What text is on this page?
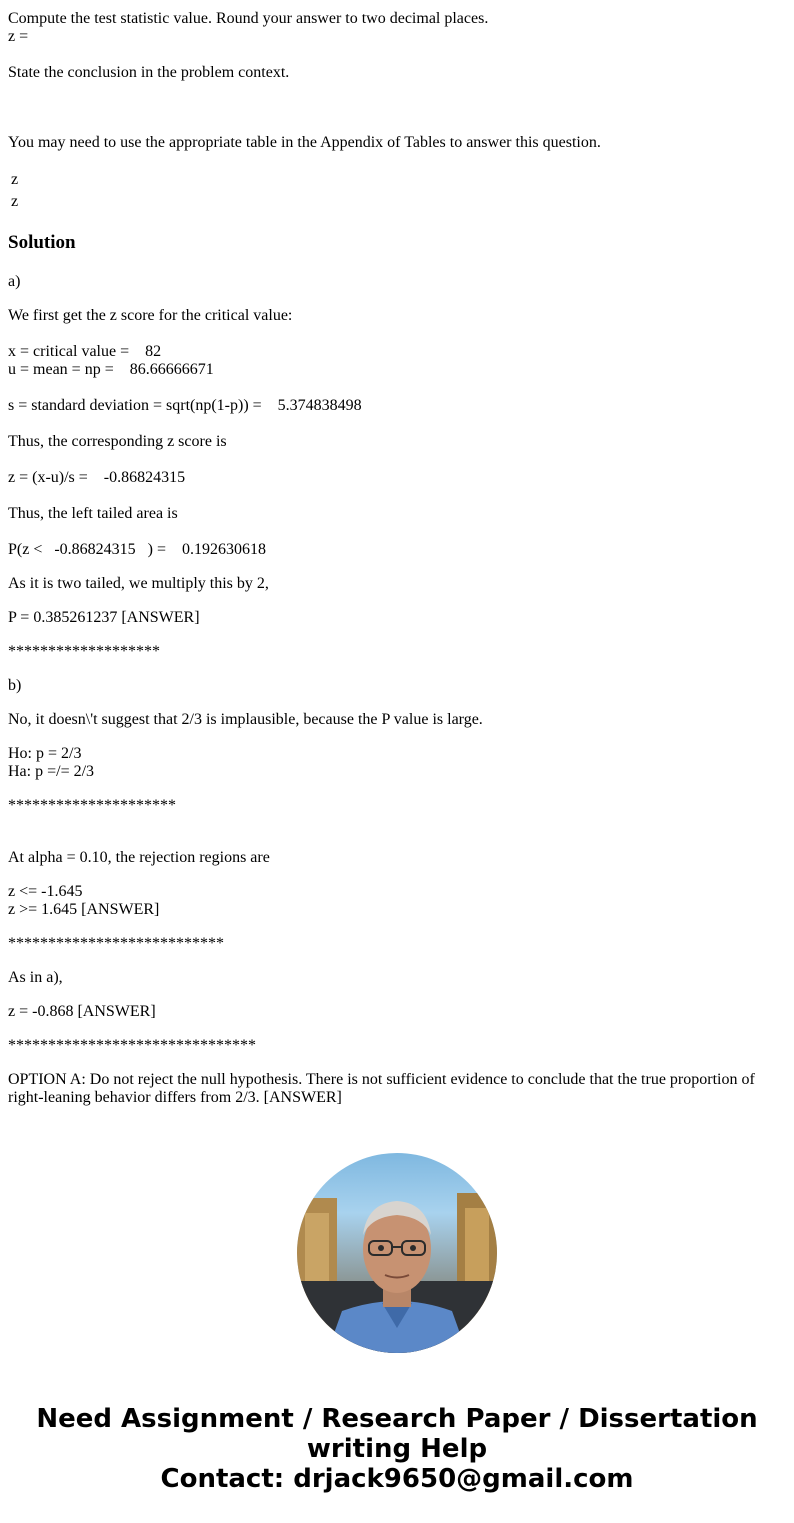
Compute the test statistic value. Round your answer to two decimal places.
z =
State the conclusion in the problem context.
You may need to use the appropriate table in the Appendix of Tables to answer this question.
z
z
Solution
a)
We first get the z score for the critical value:
x = critical value =    82
u = mean = np =    86.66666671
s = standard deviation = sqrt(np(1-p)) =    5.374838498
Thus, the corresponding z score is
z = (x-u)/s =    -0.86824315
Thus, the left tailed area is
P(z <   -0.86824315   ) =    0.192630618
As it is two tailed, we multiply this by 2,
P = 0.385261237 [ANSWER]
*******************
b)
No, it doesn\'t suggest that 2/3 is implausible, because the P value is large.
Ho: p = 2/3
Ha: p =/= 2/3
*********************
At alpha = 0.10, the rejection regions are
z <= -1.645
z >= 1.645 [ANSWER]
***************************
As in a),
z = -0.868 [ANSWER]
*******************************
OPTION A: Do not reject the null hypothesis. There is not sufficient evidence to conclude that the true proportion of right-leaning behavior differs from 2/3. [ANSWER]
Need Assignment / Research Paper / Dissertation
writing Help
Contact: drjack9650@gmail.com
